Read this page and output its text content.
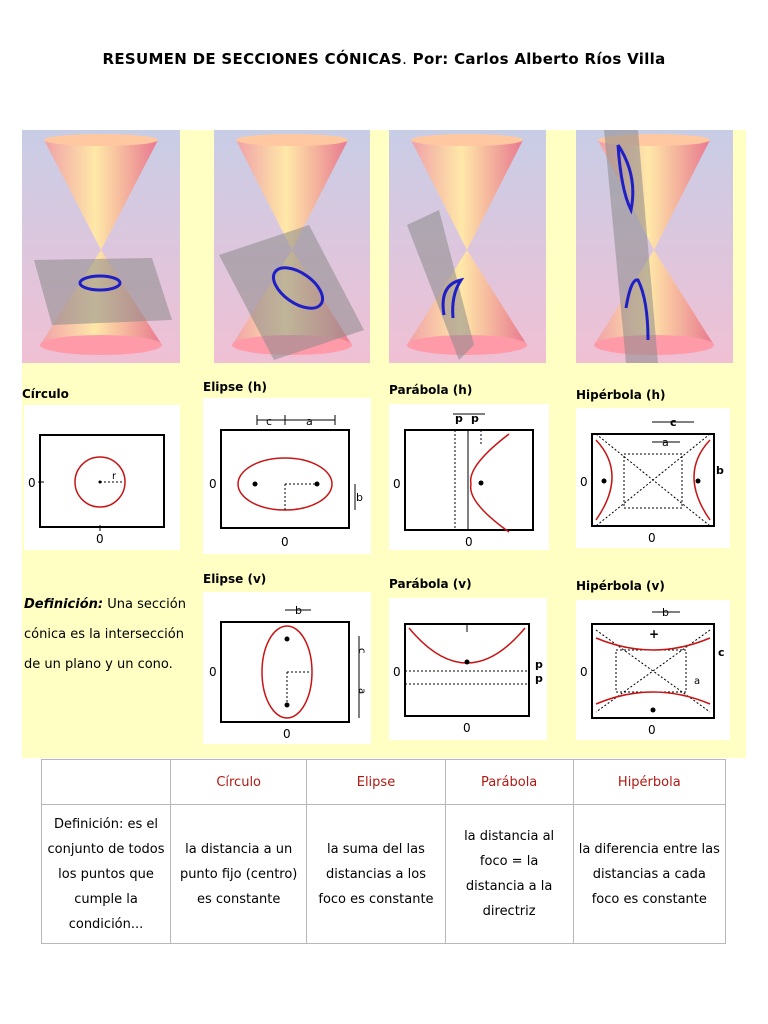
RESUMEN DE SECCIONES CÓNICAS. Por: Carlos Alberto Ríos Villa
Círculo	Elipse (h)	Parábola (h)	Hipérbola (h)
0
0
r
c	a
b
0
0
p p
0
0
c
a
b
0
0
Elipse (v)	Parábola (v)	Hipérbola (v)
Definición: Una sección cónica es la intersección de un plano y un cono.
b
c
a
0
0
p
p
0
0
b
+
c
a
0
0
	Círculo	Elipse	Parábola	Hipérbola
Definición: es el conjunto de todos los puntos que cumple la condición...	la distancia a un punto fijo (centro) es constante	la suma del las distancias a los foco es constante	la distancia al foco = la distancia a la directriz	la diferencia entre las distancias a cada foco es constante
